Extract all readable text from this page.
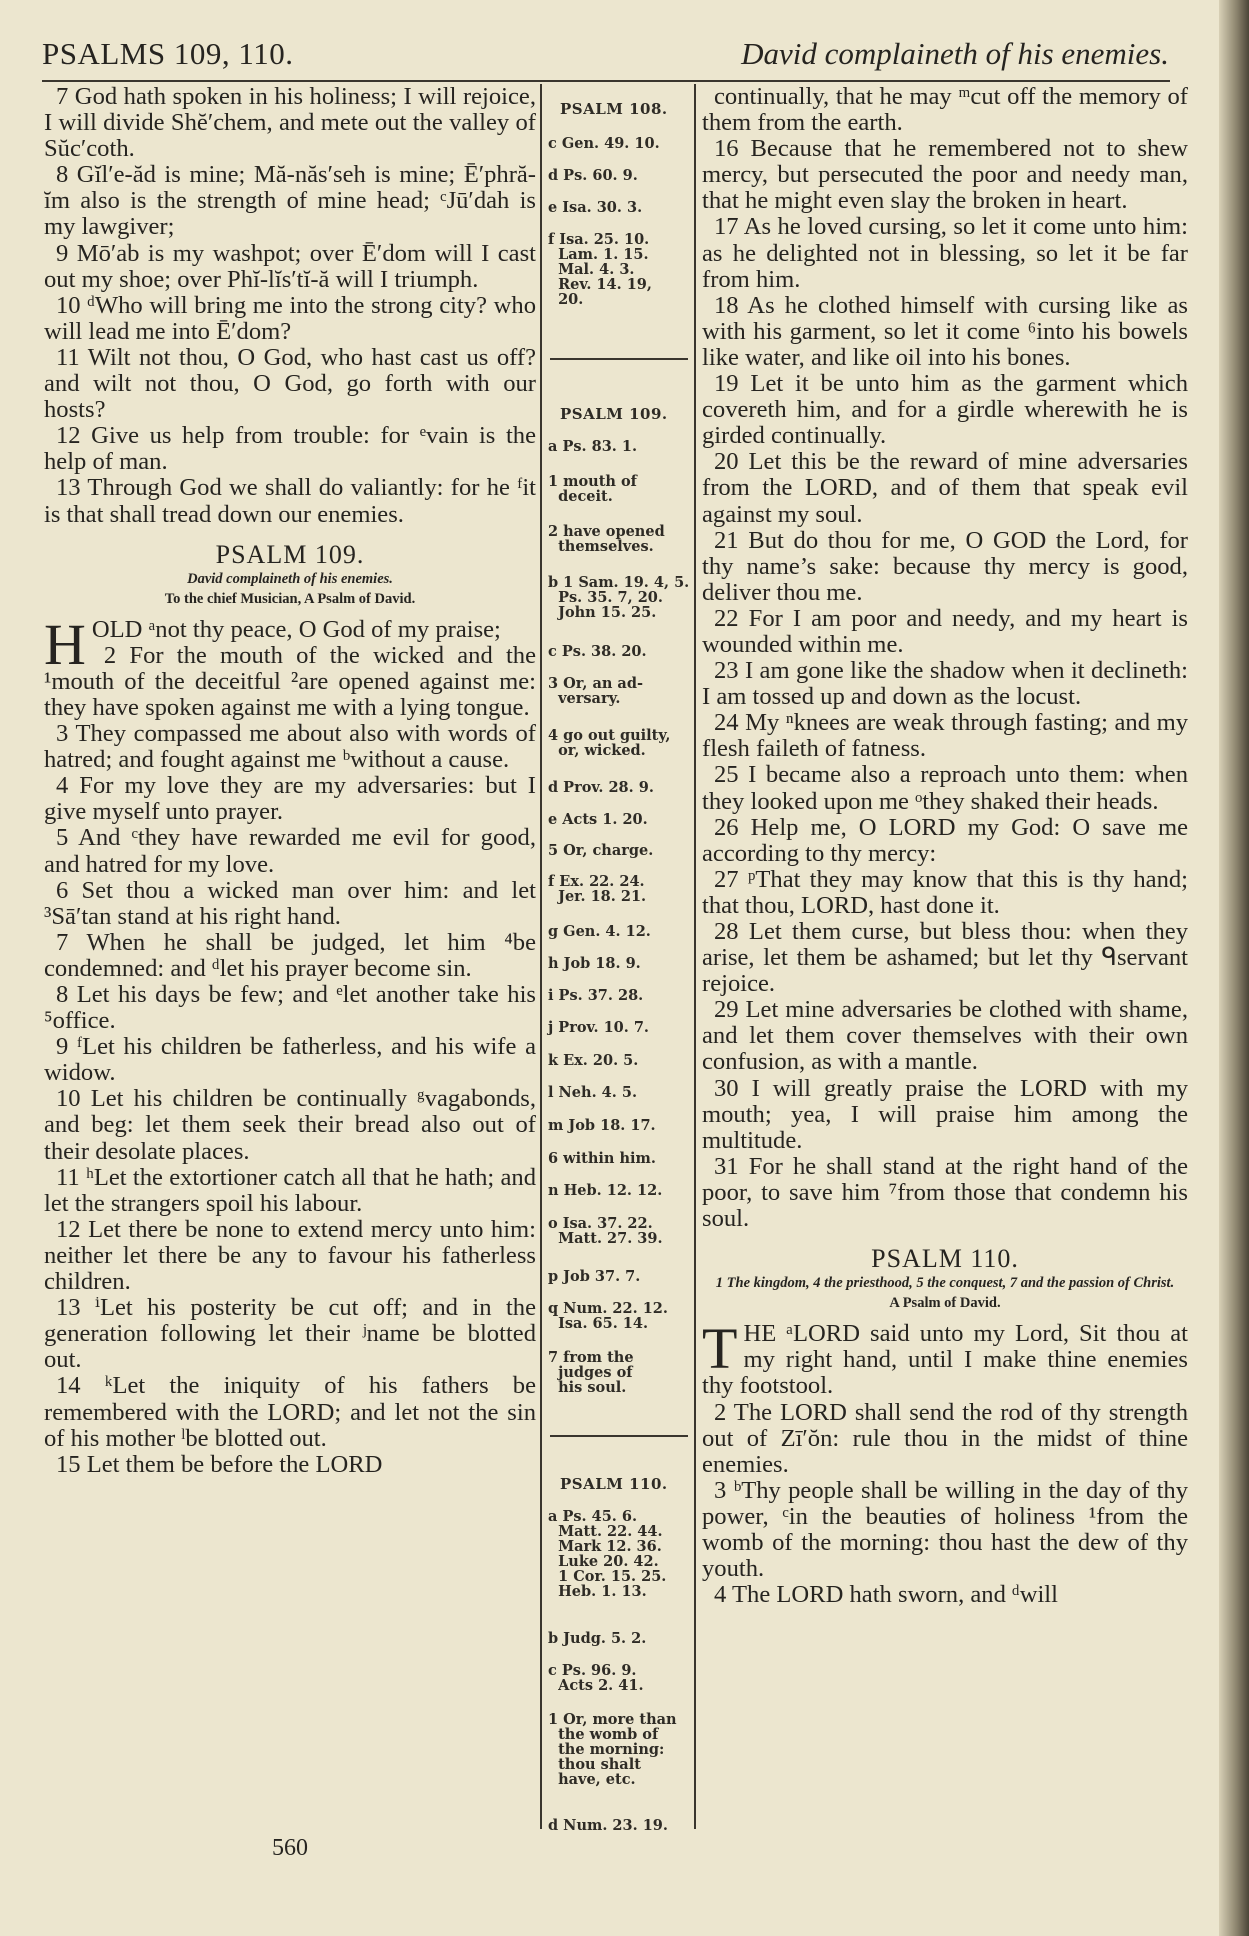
PSALMS 109, 110.	David complaineth of his enemies.

7 God hath spoken in his holiness; I will rejoice, I will divide Shĕ′chem, and mete out the valley of Sŭc′coth.

8 Gĭl′e-ăd is mine; Mă-năs′seh is mine; Ē′phră-ĭm also is the strength of mine head; ᶜJū′dah is my lawgiver;

9 Mō′ab is my washpot; over Ē′dom will I cast out my shoe; over Phĭ-lĭs′tĭ-ă will I triumph.

10 ᵈWho will bring me into the strong city? who will lead me into Ē′dom?

11 Wilt not thou, O God, who hast cast us off? and wilt not thou, O God, go forth with our hosts?

12 Give us help from trouble: for ᵉvain is the help of man.

13 Through God we shall do valiantly: for he ᶠit is that shall tread down our enemies.

PSALM 109.

David complaineth of his enemies.

To the chief Musician, A Psalm of David.

HOLD ᵃnot thy peace, O God of my praise;

2 For the mouth of the wicked and the ¹mouth of the deceitful ²are opened against me: they have spoken against me with a lying tongue.

3 They compassed me about also with words of hatred; and fought against me ᵇwithout a cause.

4 For my love they are my adversaries: but I give myself unto prayer.

5 And ᶜthey have rewarded me evil for good, and hatred for my love.

6 Set thou a wicked man over him: and let ³Sā′tan stand at his right hand.

7 When he shall be judged, let him ⁴be condemned: and ᵈlet his prayer become sin.

8 Let his days be few; and ᵉlet another take his ⁵office.

9 ᶠLet his children be fatherless, and his wife a widow.

10 Let his children be continually ᵍvagabonds, and beg: let them seek their bread also out of their desolate places.

11 ʰLet the extortioner catch all that he hath; and let the strangers spoil his labour.

12 Let there be none to extend mercy unto him: neither let there be any to favour his fatherless children.

13 ⁱLet his posterity be cut off; and in the generation following let their ʲname be blotted out.

14 ᵏLet the iniquity of his fathers be remembered with the LORD; and let not the sin of his mother ˡbe blotted out.

15 Let them be before the LORD

PSALM 108.
c Gen. 49. 10.
d Ps. 60. 9.
e Isa. 30. 3.
f Isa. 25. 10.
Lam. 1. 15.
Mal. 4. 3.
Rev. 14. 19,
20.
PSALM 109.
a Ps. 83. 1.
1 mouth of
deceit.
2 have opened
themselves.
b 1 Sam. 19. 4, 5.
Ps. 35. 7, 20.
John 15. 25.
c Ps. 38. 20.
3 Or, an ad-
versary.
4 go out guilty,
or, wicked.
d Prov. 28. 9.
e Acts 1. 20.
5 Or, charge.
f Ex. 22. 24.
Jer. 18. 21.
g Gen. 4. 12.
h Job 18. 9.
i Ps. 37. 28.
j Prov. 10. 7.
k Ex. 20. 5.
l Neh. 4. 5.
m Job 18. 17.
6 within him.
n Heb. 12. 12.
o Isa. 37. 22.
Matt. 27. 39.
p Job 37. 7.
q Num. 22. 12.
Isa. 65. 14.
7 from the
judges of
his soul.
PSALM 110.
a Ps. 45. 6.
Matt. 22. 44.
Mark 12. 36.
Luke 20. 42.
1 Cor. 15. 25.
Heb. 1. 13.
b Judg. 5. 2.
c Ps. 96. 9.
Acts 2. 41.
1 Or, more than
the womb of
the morning:
thou shalt
have, etc.
d Num. 23. 19.

continually, that he may ᵐcut off the memory of them from the earth.

16 Because that he remembered not to shew mercy, but persecuted the poor and needy man, that he might even slay the broken in heart.

17 As he loved cursing, so let it come unto him: as he delighted not in blessing, so let it be far from him.

18 As he clothed himself with cursing like as with his garment, so let it come ⁶into his bowels like water, and like oil into his bones.

19 Let it be unto him as the garment which covereth him, and for a girdle wherewith he is girded continually.

20 Let this be the reward of mine adversaries from the LORD, and of them that speak evil against my soul.

21 But do thou for me, O GOD the Lord, for thy name’s sake: because thy mercy is good, deliver thou me.

22 For I am poor and needy, and my heart is wounded within me.

23 I am gone like the shadow when it declineth: I am tossed up and down as the locust.

24 My ⁿknees are weak through fasting; and my flesh faileth of fatness.

25 I became also a reproach unto them: when they looked upon me ᵒthey shaked their heads.

26 Help me, O LORD my God: O save me according to thy mercy:

27 ᵖThat they may know that this is thy hand; that thou, LORD, hast done it.

28 Let them curse, but bless thou: when they arise, let them be ashamed; but let thy ᑫservant rejoice.

29 Let mine adversaries be clothed with shame, and let them cover themselves with their own confusion, as with a mantle.

30 I will greatly praise the LORD with my mouth; yea, I will praise him among the multitude.

31 For he shall stand at the right hand of the poor, to save him ⁷from those that condemn his soul.

PSALM 110.

1 The kingdom, 4 the priesthood, 5 the conquest, 7 and the passion of Christ.

A Psalm of David.

THE ᵃLORD said unto my Lord, Sit thou at my right hand, until I make thine enemies thy footstool.

2 The LORD shall send the rod of thy strength out of Zī′ŏn: rule thou in the midst of thine enemies.

3 ᵇThy people shall be willing in the day of thy power, ᶜin the beauties of holiness ¹from the womb of the morning: thou hast the dew of thy youth.

4 The LORD hath sworn, and ᵈwill

560
